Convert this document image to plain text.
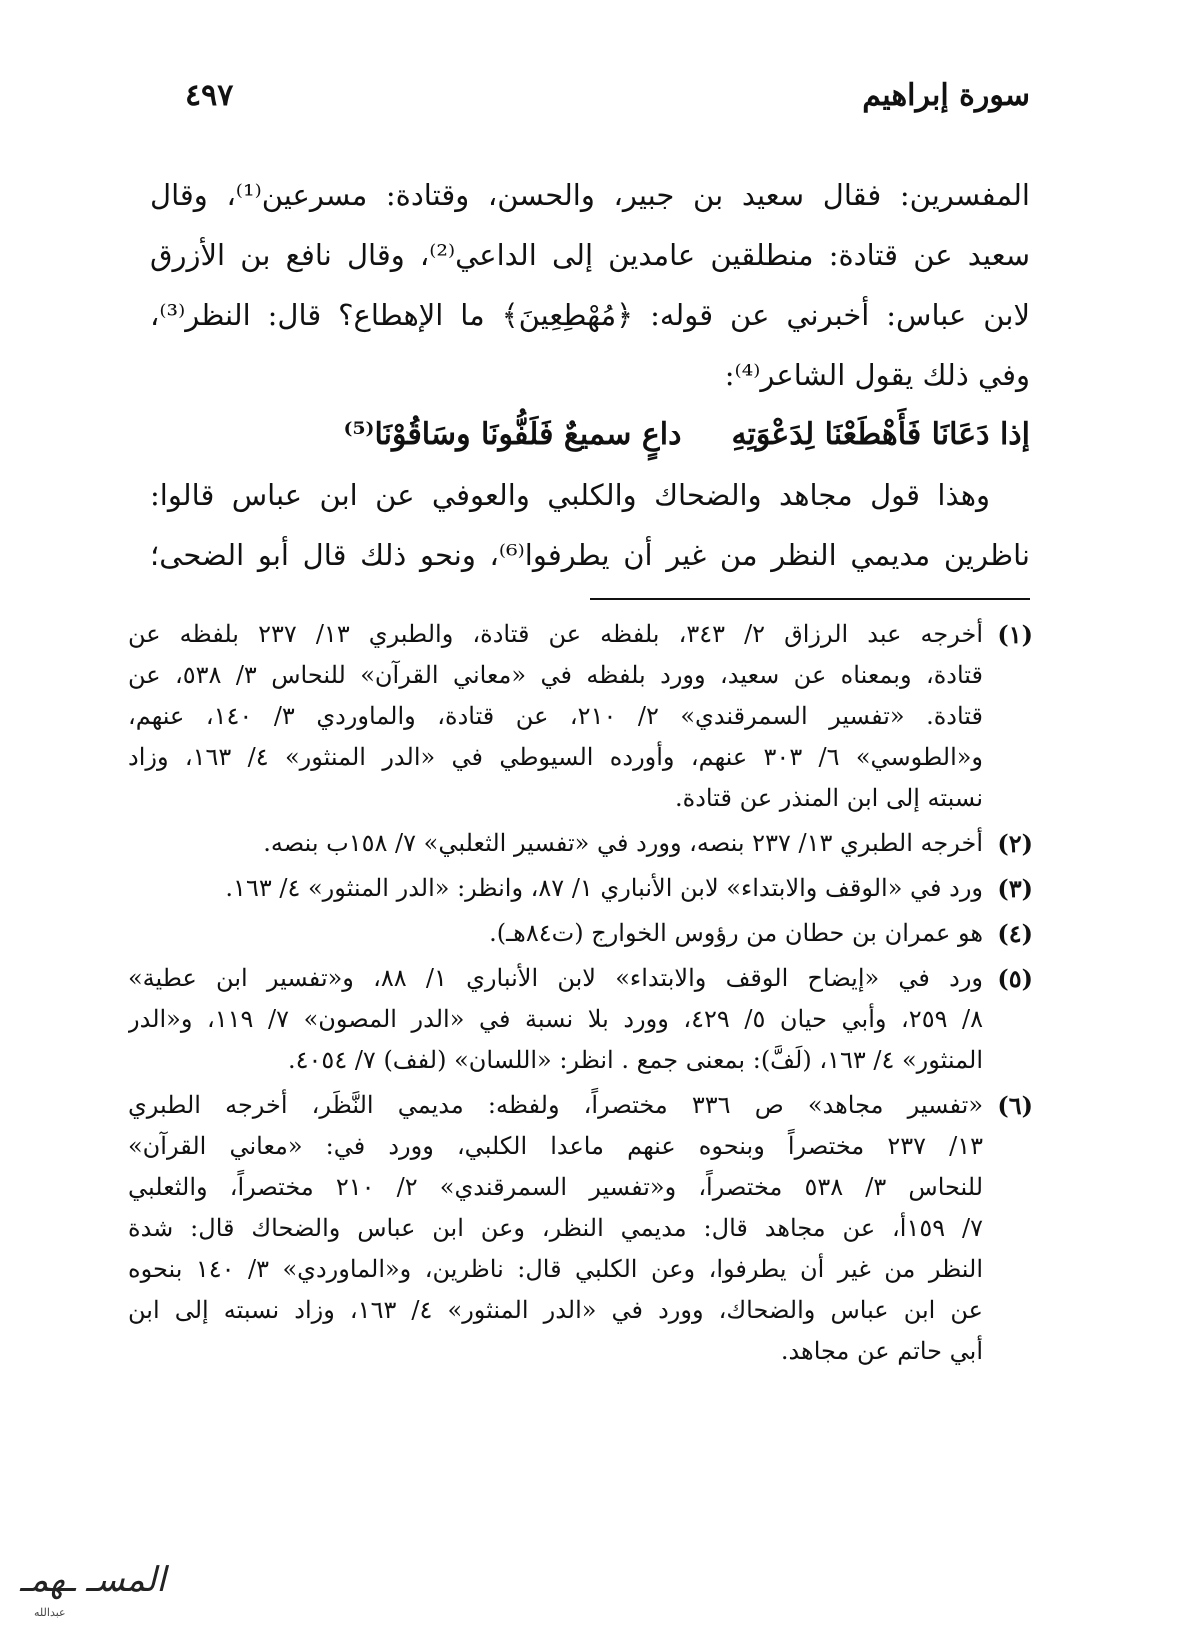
سورة إبراهيم
٤٩٧
المفسرين: فقال سعيد بن جبير، والحسن، وقتادة: مسرعين⁽¹⁾، وقال
سعيد عن قتادة: منطلقين عامدين إلى الداعي⁽²⁾، وقال نافع بن الأزرق
لابن عباس: أخبرني عن قوله: ﴿مُهْطِعِينَ﴾ ما الإهطاع؟ قال: النظر⁽³⁾،
وفي ذلك يقول الشاعر⁽⁴⁾:
إذا دَعَانَا فَأَهْطَعْنَا لِدَعْوَتِهِداعٍ سميعٌ فَلَفُّونَا وسَاقُوْنَا⁽⁵⁾
وهذا قول مجاهد والضحاك والكلبي والعوفي عن ابن عباس قالوا:
ناظرين مديمي النظر من غير أن يطرفوا⁽⁶⁾، ونحو ذلك قال أبو الضحى؛
(١)
أخرجه عبد الرزاق ٢/ ٣٤٣، بلفظه عن قتادة، والطبري ١٣/ ٢٣٧ بلفظه عن
قتادة، وبمعناه عن سعيد، وورد بلفظه في «معاني القرآن» للنحاس ٣/ ٥٣٨، عن
قتادة. «تفسير السمرقندي» ٢/ ٢١٠، عن قتادة، والماوردي ٣/ ١٤٠، عنهم،
و«الطوسي» ٦/ ٣٠٣ عنهم، وأورده السيوطي في «الدر المنثور» ٤/ ١٦٣، وزاد
نسبته إلى ابن المنذر عن قتادة.
(٢)
أخرجه الطبري ١٣/ ٢٣٧ بنصه، وورد في «تفسير الثعلبي» ٧/ ١٥٨ب بنصه.
(٣)
ورد في «الوقف والابتداء» لابن الأنباري ١/ ٨٧، وانظر: «الدر المنثور» ٤/ ١٦٣.
(٤)
هو عمران بن حطان من رؤوس الخوارج (ت٨٤هـ).
(٥)
ورد في «إيضاح الوقف والابتداء» لابن الأنباري ١/ ٨٨، و«تفسير ابن عطية»
٨/ ٢٥٩، وأبي حيان ٥/ ٤٢٩، وورد بلا نسبة في «الدر المصون» ٧/ ١١٩، و«الدر
المنثور» ٤/ ١٦٣، (لَفَّ): بمعنى جمع . انظر: «اللسان» (لفف) ٧/ ٤٠٥٤.
(٦)
«تفسير مجاهد» ص ٣٣٦ مختصراً، ولفظه: مديمي النَّظَر، أخرجه الطبري
١٣/ ٢٣٧ مختصراً وبنحوه عنهم ماعدا الكلبي، وورد في: «معاني القرآن»
للنحاس ٣/ ٥٣٨ مختصراً، و«تفسير السمرقندي» ٢/ ٢١٠ مختصراً، والثعلبي
٧/ ١٥٩أ، عن مجاهد قال: مديمي النظر، وعن ابن عباس والضحاك قال: شدة
النظر من غير أن يطرفوا، وعن الكلبي قال: ناظرين، و«الماوردي» ٣/ ١٤٠ بنحوه
عن ابن عباس والضحاك، وورد في «الدر المنثور» ٤/ ١٦٣، وزاد نسبته إلى ابن
أبي حاتم عن مجاهد.
المسـ ـهمـ
عبدالله
